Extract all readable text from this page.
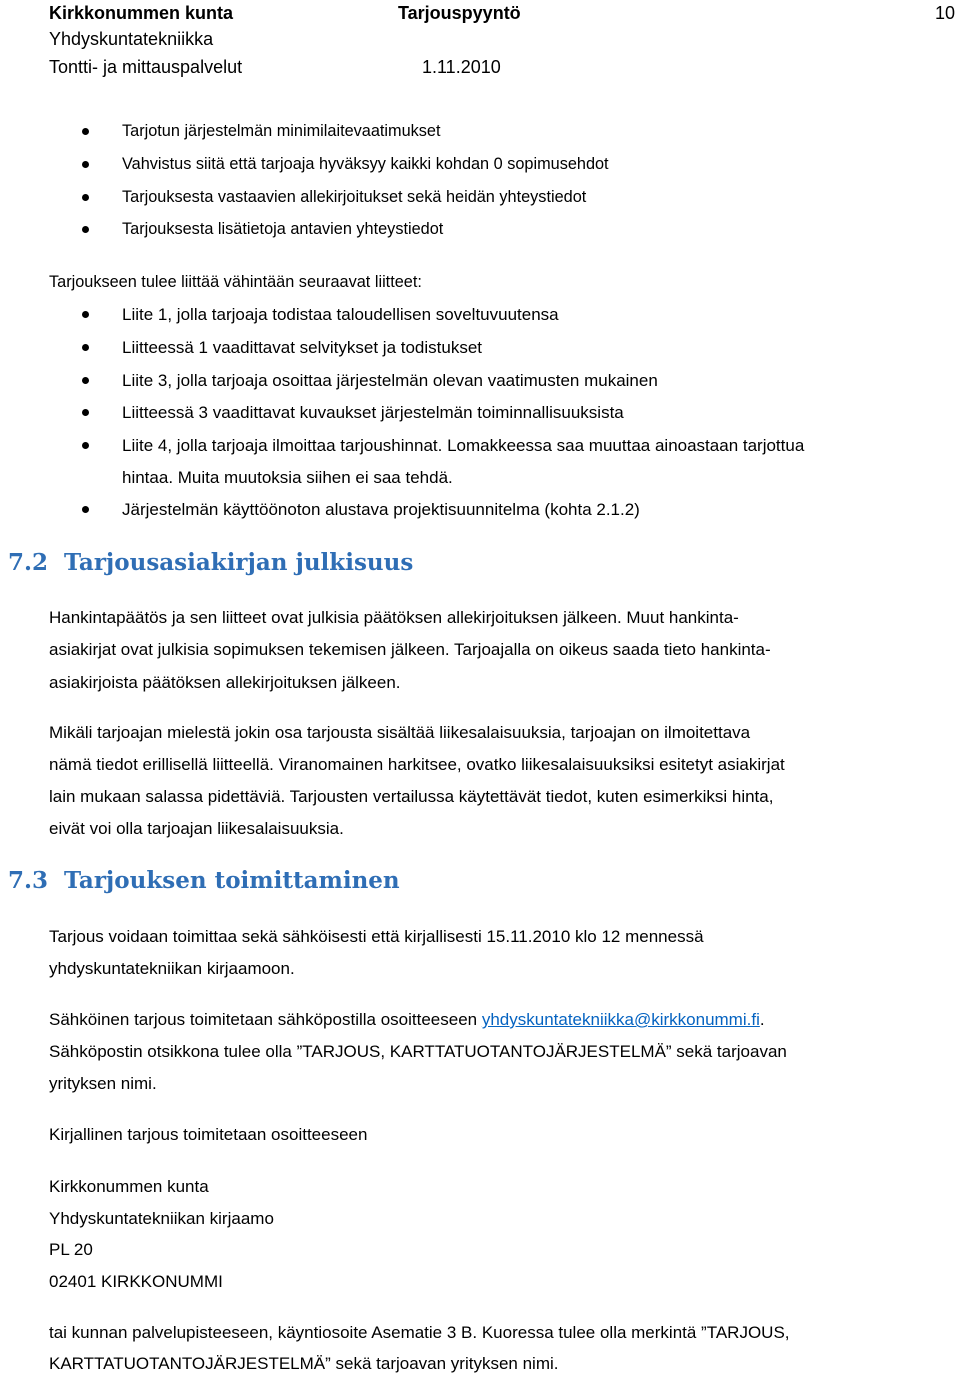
Kirkkonummen kunta	Tarjouspyyntö	10
Yhdyskuntatekniikka
Tontti- ja mittauspalvelut	1.11.2010
Tarjotun järjestelmän minimilaitevaatimukset
Vahvistus siitä että tarjoaja hyväksyy kaikki kohdan 0 sopimusehdot
Tarjouksesta vastaavien allekirjoitukset sekä heidän yhteystiedot
Tarjouksesta lisätietoja antavien yhteystiedot
Tarjoukseen tulee liittää vähintään seuraavat liitteet:
Liite 1, jolla tarjoaja todistaa taloudellisen soveltuvuutensa
Liitteessä 1 vaadittavat selvitykset ja todistukset
Liite 3, jolla tarjoaja osoittaa järjestelmän olevan vaatimusten mukainen
Liitteessä 3 vaadittavat kuvaukset järjestelmän toiminnallisuuksista
Liite 4, jolla tarjoaja ilmoittaa tarjoushinnat. Lomakkeessa saa muuttaa ainoastaan tarjottua
hintaa. Muita muutoksia siihen ei saa tehdä.
Järjestelmän käyttöönoton alustava projektisuunnitelma (kohta 2.1.2)
7.2 Tarjousasiakirjan julkisuus
Hankintapäätös ja sen liitteet ovat julkisia päätöksen allekirjoituksen jälkeen. Muut hankinta-
asiakirjat ovat julkisia sopimuksen tekemisen jälkeen. Tarjoajalla on oikeus saada tieto hankinta-
asiakirjoista päätöksen allekirjoituksen jälkeen.
Mikäli tarjoajan mielestä jokin osa tarjousta sisältää liikesalaisuuksia, tarjoajan on ilmoitettava
nämä tiedot erillisellä liitteellä. Viranomainen harkitsee, ovatko liikesalaisuuksiksi esitetyt asiakirjat
lain mukaan salassa pidettäviä. Tarjousten vertailussa käytettävät tiedot, kuten esimerkiksi hinta,
eivät voi olla tarjoajan liikesalaisuuksia.
7.3 Tarjouksen toimittaminen
Tarjous voidaan toimittaa sekä sähköisesti että kirjallisesti 15.11.2010 klo 12 mennessä
yhdyskuntatekniikan kirjaamoon.
Sähköinen tarjous toimitetaan sähköpostilla osoitteeseen yhdyskuntatekniikka@kirkkonummi.fi.
Sähköpostin otsikkona tulee olla ”TARJOUS, KARTTATUOTANTOJÄRJESTELMÄ” sekä tarjoavan
yrityksen nimi.
Kirjallinen tarjous toimitetaan osoitteeseen
Kirkkonummen kunta
Yhdyskuntatekniikan kirjaamo
PL 20
02401 KIRKKONUMMI
tai kunnan palvelupisteeseen, käyntiosoite Asematie 3 B. Kuoressa tulee olla merkintä ”TARJOUS,
KARTTATUOTANTOJÄRJESTELMÄ” sekä tarjoavan yrityksen nimi.
